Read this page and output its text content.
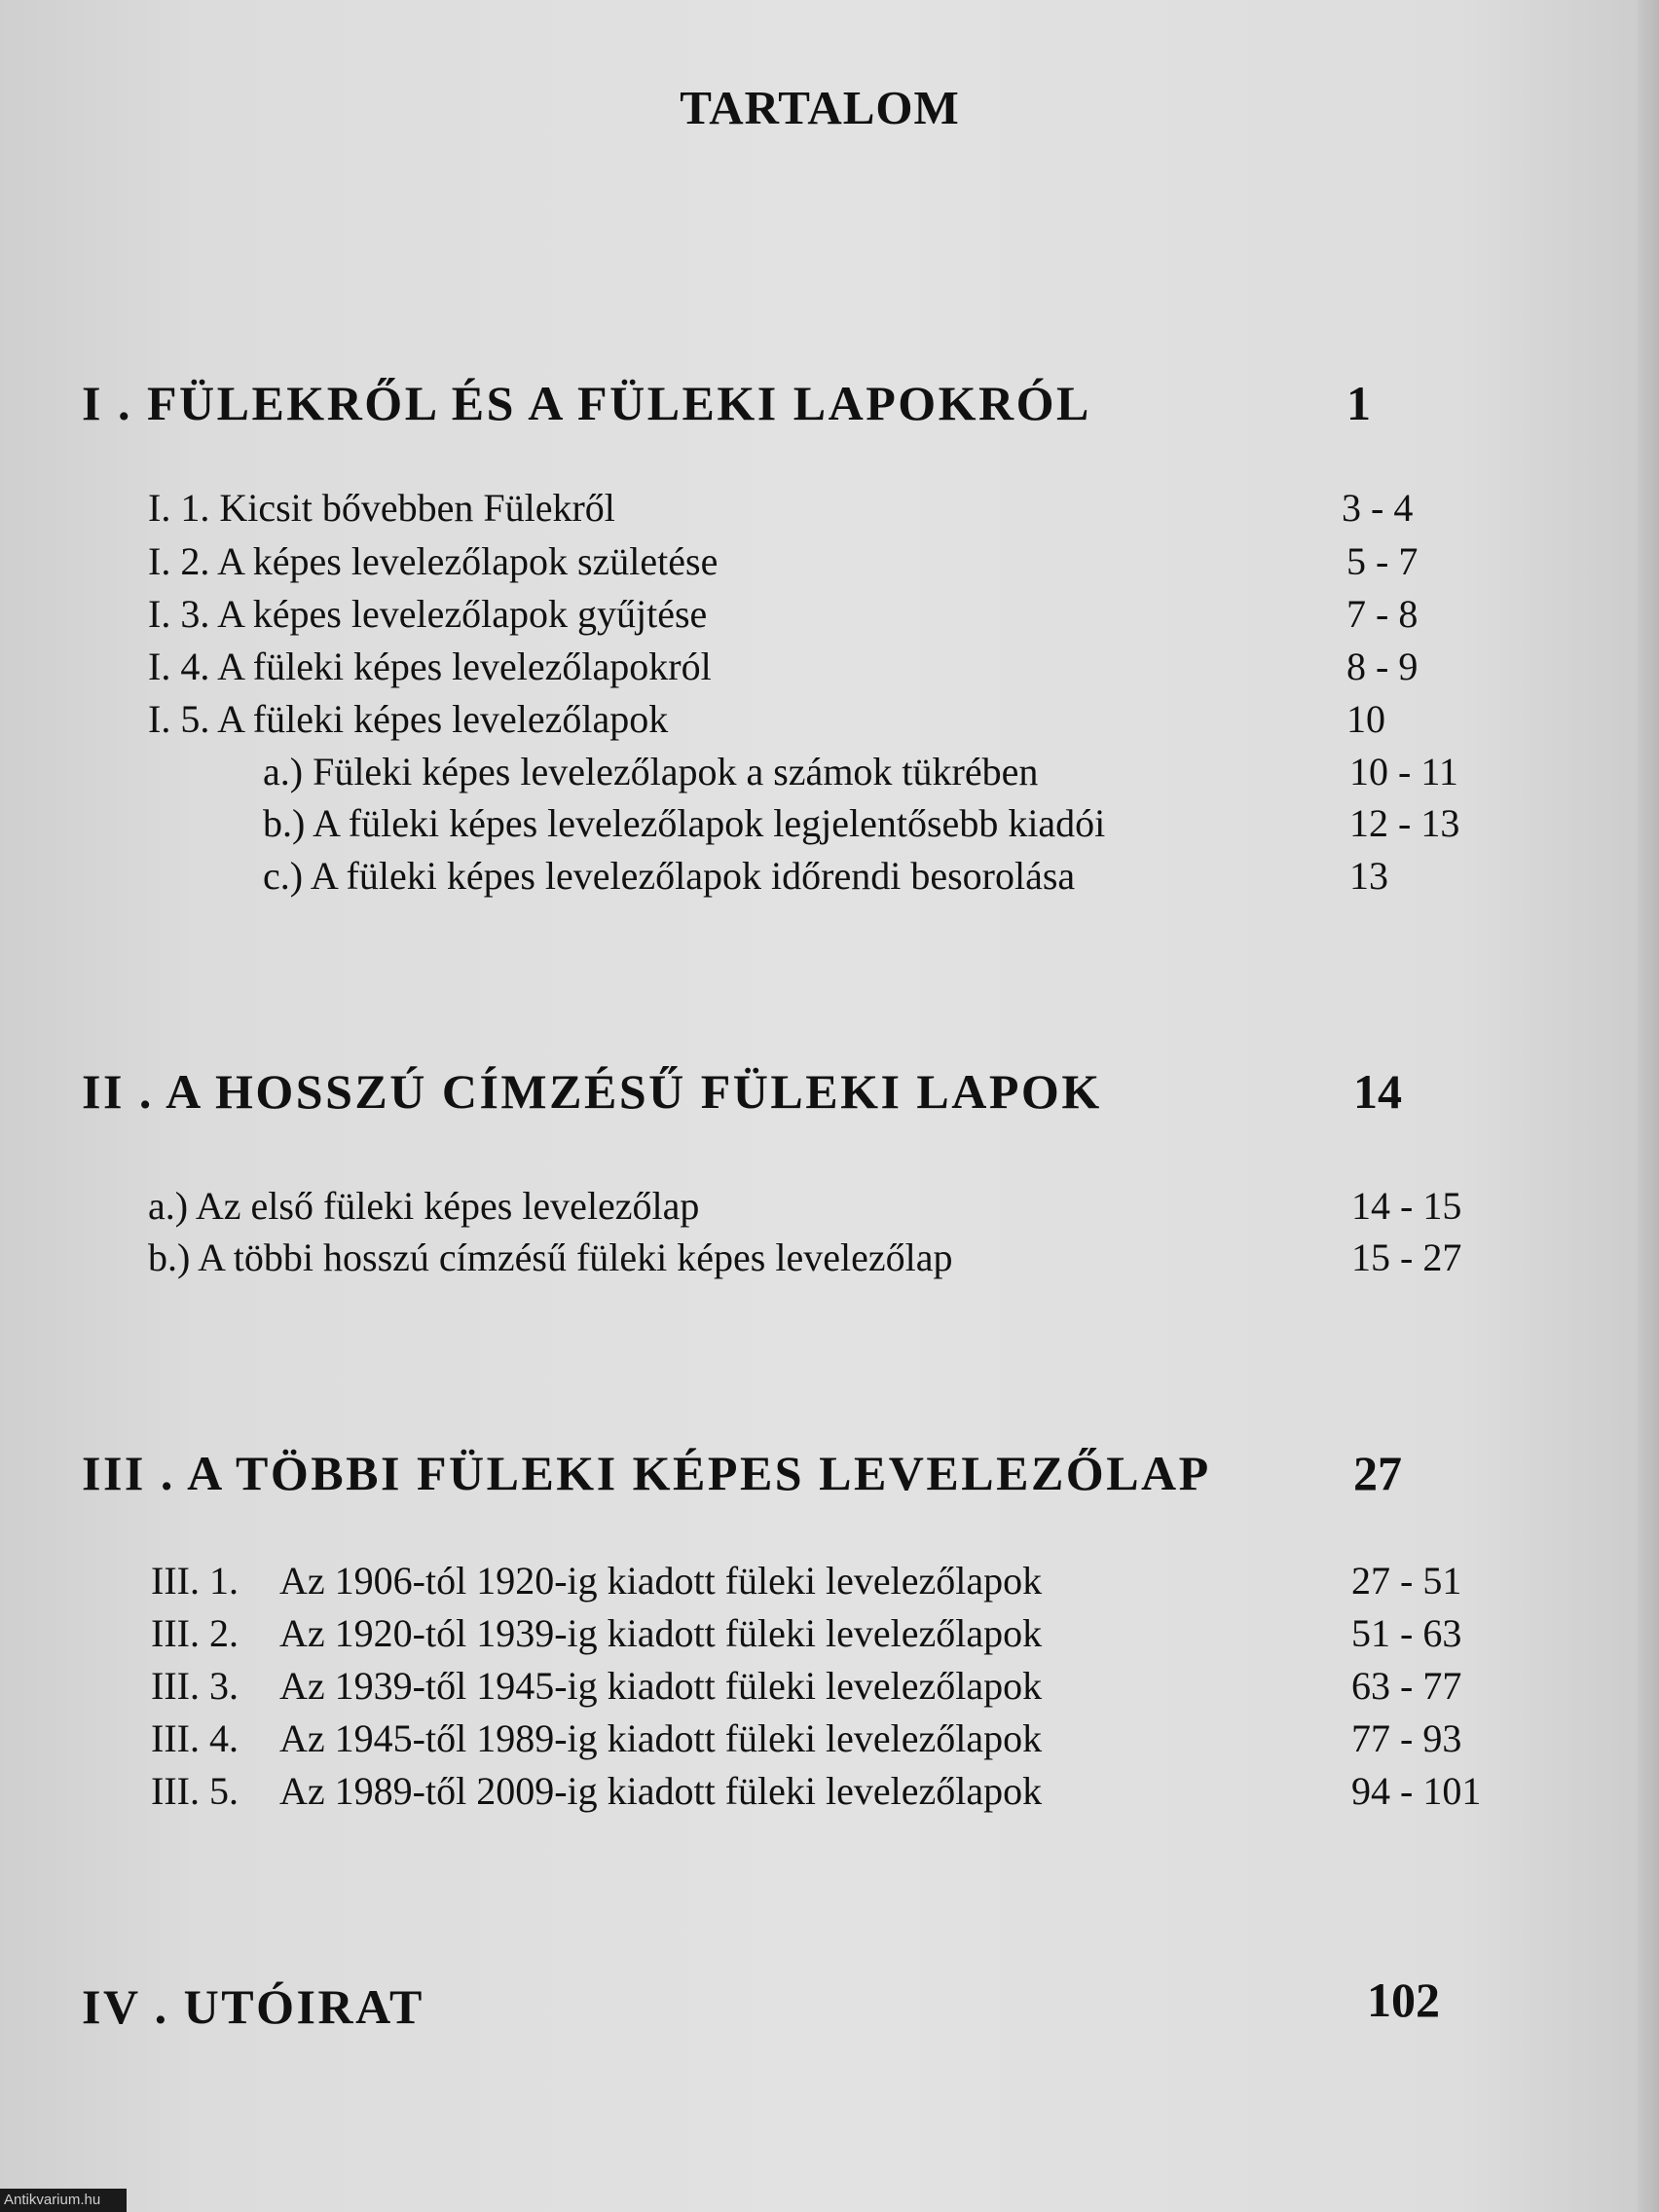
TARTALOM
I . FÜLEKRŐL ÉS A FÜLEKI LAPOKRÓL	1
I. 1. Kicsit bővebben Fülekről	3 - 4
I. 2. A képes levelezőlapok születése	5 - 7
I. 3. A képes levelezőlapok gyűjtése	7 - 8
I. 4. A füleki képes levelezőlapokról	8 - 9
I. 5. A füleki képes levelezőlapok	10
a.) Füleki képes levelezőlapok a számok tükrében	10 - 11
b.) A füleki képes levelezőlapok legjelentősebb kiadói	12 - 13
c.) A füleki képes levelezőlapok időrendi besorolása	13
II . A HOSSZÚ CÍMZÉSŰ FÜLEKI LAPOK	14
a.) Az első füleki képes levelezőlap	14 - 15
b.) A többi hosszú címzésű füleki képes levelezőlap	15 - 27
III . A TÖBBI FÜLEKI KÉPES LEVELEZŐLAP	27
III. 1. Az 1906-tól 1920-ig kiadott füleki levelezőlapok	27 - 51
III. 2. Az 1920-tól 1939-ig kiadott füleki levelezőlapok	51 - 63
III. 3. Az 1939-től 1945-ig kiadott füleki levelezőlapok	63 - 77
III. 4. Az 1945-től 1989-ig kiadott füleki levelezőlapok	77 - 93
III. 5. Az 1989-től 2009-ig kiadott füleki levelezőlapok	94 - 101
IV . UTÓIRAT	102
Antikvarium.hu
